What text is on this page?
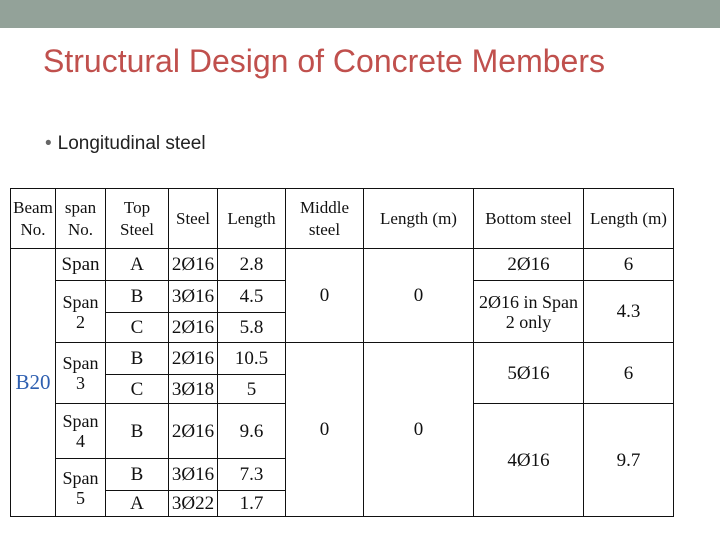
Structural Design of Concrete Members
• Longitudinal steel
Beam No.	span No.	Top Steel	Steel	Length	Middle steel	Length (m)	Bottom steel	Length (m)
B20	Span	A	2Ø16	2.8	0	0	2Ø16	6
	Span 2	B	3Ø16	4.5			2Ø16 in Span 2 only	4.3
		C	2Ø16	5.8				
	Span 3	B	2Ø16	10.5	0	0	5Ø16	6
		C	3Ø18	5				
	Span 4	B	2Ø16	9.6			4Ø16	9.7
	Span 5	B	3Ø16	7.3				
		A	3Ø22	1.7				
